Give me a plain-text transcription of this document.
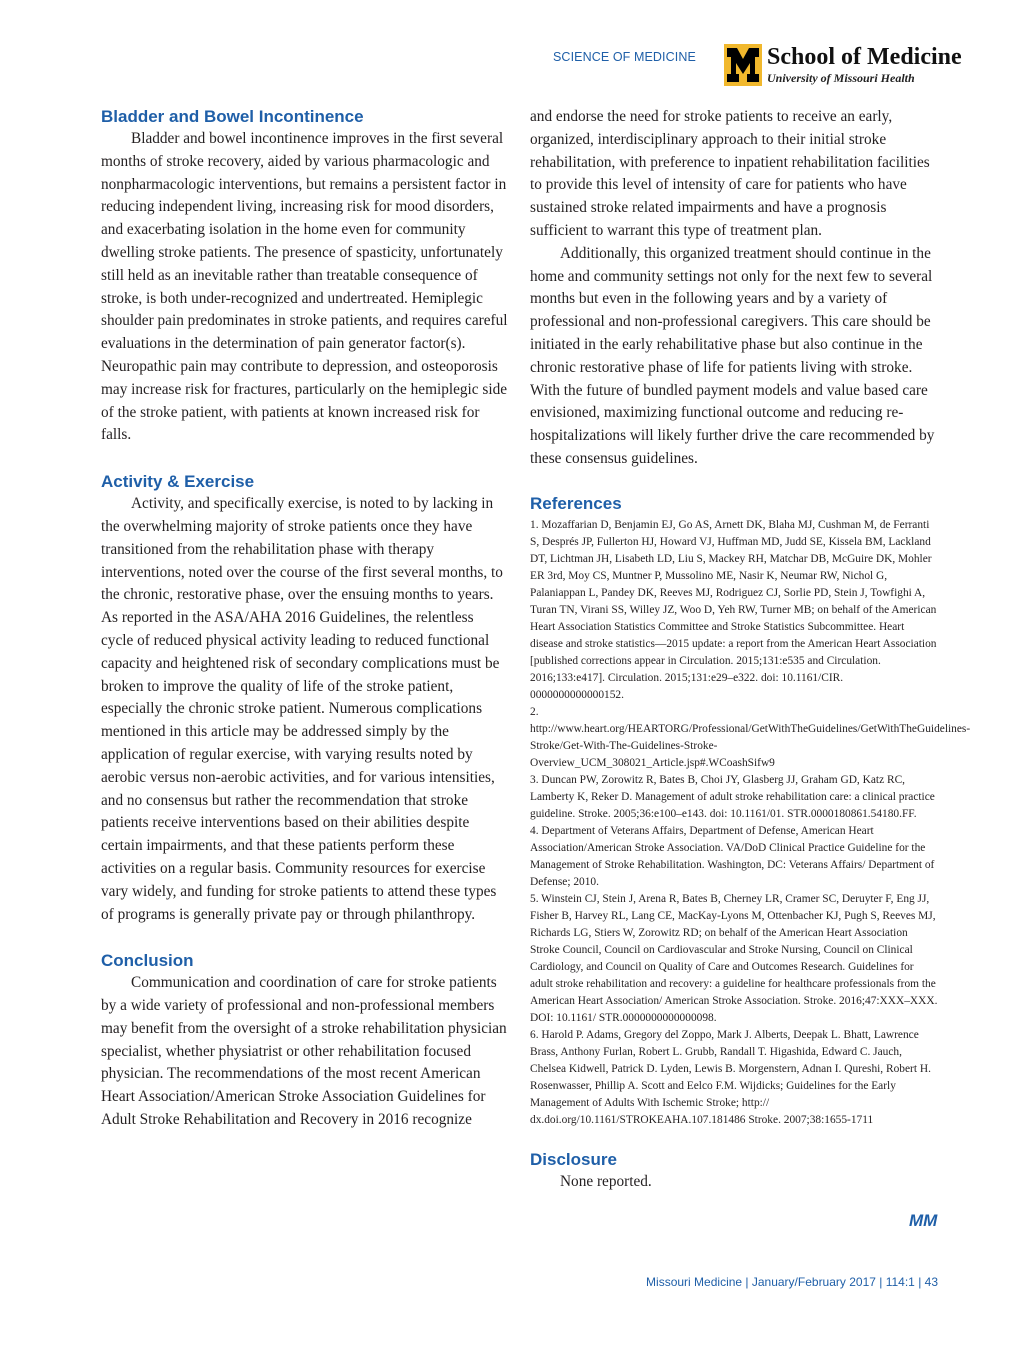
SCIENCE OF MEDICINE	School of Medicine
University of Missouri Health
Bladder and Bowel Incontinence

Bladder and bowel incontinence improves in the first several months of stroke recovery, aided by various pharmacologic and nonpharmacologic interventions, but remains a persistent factor in reducing independent living, increasing risk for mood disorders, and exacerbating isolation in the home even for community dwelling stroke patients. The presence of spasticity, unfortunately still held as an inevitable rather than treatable consequence of stroke, is both under-recognized and undertreated. Hemiplegic shoulder pain predominates in stroke patients, and requires careful evaluations in the determination of pain generator factor(s). Neuropathic pain may contribute to depression, and osteoporosis may increase risk for fractures, particularly on the hemiplegic side of the stroke patient, with patients at known increased risk for falls.

Activity & Exercise

Activity, and specifically exercise, is noted to by lacking in the overwhelming majority of stroke patients once they have transitioned from the rehabilitation phase with therapy interventions, noted over the course of the first several months, to the chronic, restorative phase, over the ensuing months to years. As reported in the ASA/AHA 2016 Guidelines, the relentless cycle of reduced physical activity leading to reduced functional capacity and heightened risk of secondary complications must be broken to improve the quality of life of the stroke patient, especially the chronic stroke patient. Numerous complications mentioned in this article may be addressed simply by the application of regular exercise, with varying results noted by aerobic versus non-aerobic activities, and for various intensities, and no consensus but rather the recommendation that stroke patients receive interventions based on their abilities despite certain impairments, and that these patients perform these activities on a regular basis. Community resources for exercise vary widely, and funding for stroke patients to attend these types of programs is generally private pay or through philanthropy.

Conclusion

Communication and coordination of care for stroke patients by a wide variety of professional and non-professional members may benefit from the oversight of a stroke rehabilitation physician specialist, whether physiatrist or other rehabilitation focused physician. The recommendations of the most recent American Heart Association/American Stroke Association Guidelines for Adult Stroke Rehabilitation and Recovery in 2016 recognize

and endorse the need for stroke patients to receive an early, organized, interdisciplinary approach to their initial stroke rehabilitation, with preference to inpatient rehabilitation facilities to provide this level of intensity of care for patients who have sustained stroke related impairments and have a prognosis sufficient to warrant this type of treatment plan.

Additionally, this organized treatment should continue in the home and community settings not only for the next few to several months but even in the following years and by a variety of professional and non-professional caregivers. This care should be initiated in the early rehabilitative phase but also continue in the chronic restorative phase of life for patients living with stroke. With the future of bundled payment models and value based care envisioned, maximizing functional outcome and reducing re-hospitalizations will likely further drive the care recommended by these consensus guidelines.

References
1. Mozaffarian D, Benjamin EJ, Go AS, Arnett DK, Blaha MJ, Cushman M, de Ferranti S, Després JP, Fullerton HJ, Howard VJ, Huffman MD, Judd SE, Kissela BM, Lackland DT, Lichtman JH, Lisabeth LD, Liu S, Mackey RH, Matchar DB, McGuire DK, Mohler ER 3rd, Moy CS, Muntner P, Mussolino ME, Nasir K, Neumar RW, Nichol G, Palaniappan L, Pandey DK, Reeves MJ, Rodriguez CJ, Sorlie PD, Stein J, Towfighi A, Turan TN, Virani SS, Willey JZ, Woo D, Yeh RW, Turner MB; on behalf of the American Heart Association Statistics Committee and Stroke Statistics Subcommittee. Heart disease and stroke statistics—2015 update: a report from the American Heart Association [published corrections appear in Circulation. 2015;131:e535 and Circulation. 2016;133:e417]. Circulation. 2015;131:e29–e322. doi: 10.1161/CIR. 0000000000000152.
2. http://www.heart.org/HEARTORG/Professional/GetWithTheGuidelines/GetWithTheGuidelines-Stroke/Get-With-The-Guidelines-Stroke-Overview_UCM_308021_Article.jsp#.WCoashSifw9
3. Duncan PW, Zorowitz R, Bates B, Choi JY, Glasberg JJ, Graham GD, Katz RC, Lamberty K, Reker D. Management of adult stroke rehabilitation care: a clinical practice guideline. Stroke. 2005;36:e100–e143. doi: 10.1161/01. STR.0000180861.54180.FF.
4. Department of Veterans Affairs, Department of Defense, American Heart Association/American Stroke Association. VA/DoD Clinical Practice Guideline for the Management of Stroke Rehabilitation. Washington, DC: Veterans Affairs/ Department of Defense; 2010.
5. Winstein CJ, Stein J, Arena R, Bates B, Cherney LR, Cramer SC, Deruyter F, Eng JJ, Fisher B, Harvey RL, Lang CE, MacKay-Lyons M, Ottenbacher KJ, Pugh S, Reeves MJ, Richards LG, Stiers W, Zorowitz RD; on behalf of the American Heart Association Stroke Council, Council on Cardiovascular and Stroke Nursing, Council on Clinical Cardiology, and Council on Quality of Care and Outcomes Research. Guidelines for adult stroke rehabilitation and recovery: a guideline for healthcare professionals from the American Heart Association/ American Stroke Association. Stroke. 2016;47:XXX–XXX. DOI: 10.1161/ STR.0000000000000098.
6. Harold P. Adams, Gregory del Zoppo, Mark J. Alberts, Deepak L. Bhatt, Lawrence Brass, Anthony Furlan, Robert L. Grubb, Randall T. Higashida, Edward C. Jauch, Chelsea Kidwell, Patrick D. Lyden, Lewis B. Morgenstern, Adnan I. Qureshi, Robert H. Rosenwasser, Phillip A. Scott and Eelco F.M. Wijdicks; Guidelines for the Early Management of Adults With Ischemic Stroke; http:// dx.doi.org/10.1161/STROKEAHA.107.181486 Stroke. 2007;38:1655-1711
Disclosure

None reported.

MM
Missouri Medicine | January/February 2017 | 114:1 | 43
